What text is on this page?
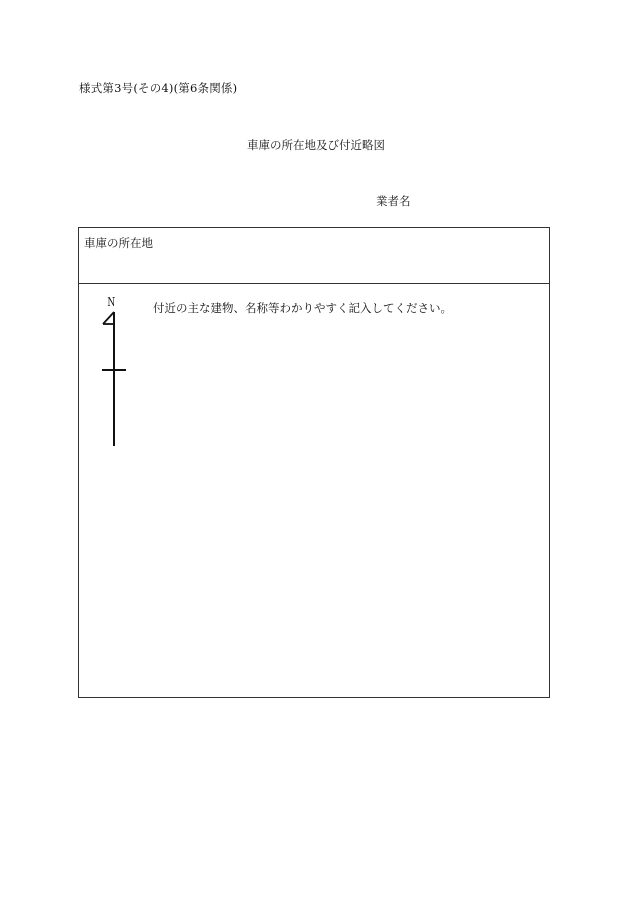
様式第3号(その4)(第6条関係)
車庫の所在地及び付近略図
業者名
車庫の所在地
N	付近の主な建物、名称等わかりやすく記入してください。
